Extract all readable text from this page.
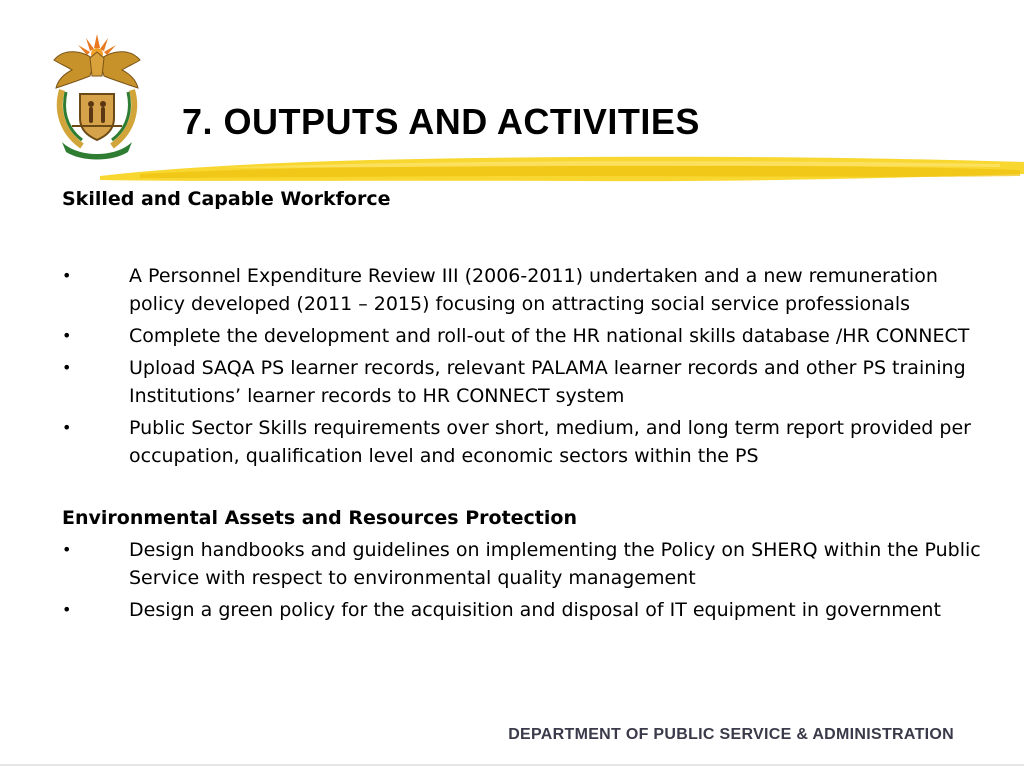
7. OUTPUTS AND ACTIVITIES
Skilled and Capable Workforce
•	A Personnel Expenditure Review III (2006-2011) undertaken and a new remuneration policy developed (2011 – 2015) focusing on attracting social service professionals
•	Complete the development and roll-out of the HR national skills database /HR CONNECT
•	Upload SAQA PS learner records, relevant PALAMA learner records and other PS training Institutions’ learner records to HR CONNECT system
•	Public Sector Skills requirements over short, medium, and long term report provided per occupation, qualification level and economic sectors within the PS
Environmental Assets and Resources Protection
•	Design handbooks and guidelines on implementing the Policy on SHERQ within the Public Service with respect to environmental quality management
•	Design a green policy for the acquisition and disposal of IT equipment in government
DEPARTMENT OF PUBLIC SERVICE & ADMINISTRATION
